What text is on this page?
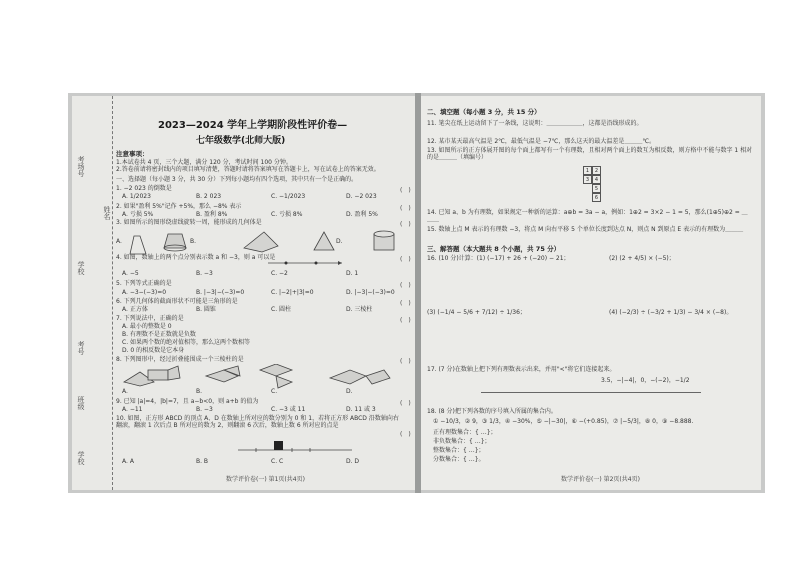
考场号
姓名
学校
考号
班级
学校
2023—2024 学年上学期阶段性评价卷—
七年级数学(北师大版)
注意事项：
1.本试卷共 4 页，三个大题，满分 120 分，考试时间 100 分钟。
2.答卷前请将密封线内的项目填写清楚，答题时请将答案填写在答题卡上，写在试卷上的答案无效。
一、选择题（每小题 3 分，共 30 分）下列每小题均有四个选项，其中只有一个是正确的。
1. −2 023 的倒数是	(　)
A. 1/2023	B. 2 023	C. −1/2023	D. −2 023
2. 如果"盈利 5%"记作 +5%，那么 −8% 表示	(　)
A. 亏损 5%	B. 盈利 8%	C. 亏损 8%	D. 盈利 5%
3. 如图所示的图形绕虚线旋转一周，能形成的几何体是	(　)
A.	B.	D.
4. 如图，数轴上的两个点分别表示数 a 和 −3，则 a 可以是	(　)
A. −5	B. −3	C. −2	D. 1
5. 下列等式正确的是	(　)
A. −3−(−3)=0	B. |−3|−(−3)=0	C. |−2|+|3|=0	D. |−3|−(−3)=0
6. 下列几何体的截面形状不可能是三角形的是	(　)
A. 正方体	B. 圆锥	C. 圆柱	D. 三棱柱
7. 下列说法中，正确的是	(　)
A. 最小的整数是 0
B. 有理数不是正数就是负数
C. 如果两个数的绝对值相等，那么这两个数相等
D. 0 的相反数是它本身
8. 下列图形中，经过折叠能围成一个三棱柱的是	(　)
A.	B.	C.	D.
9. 已知 |a|=4，|b|=7，且 a−b<0，则 a+b 的值为	(　)
A. −11	B. −3	C. −3 或 11	D. 11 或 3
10. 如图，正方形 ABCD 的顶点 A、D 在数轴上所对应的数分别为 0 和 1，若将正方形 ABCD 沿数轴向右翻滚，翻滚 1 次后点 B 所对应的数为 2，则翻滚 6 次后，数轴上数 6 所对应的点是
(　)
A. A	B. B	C. C	D. D
数学评价卷(一) 第1页(共4页)
二、填空题（每小题 3 分，共 15 分）
11. 笔尖在纸上运动留下了一条线，这说明：＿＿＿＿＿＿，这都是沿线形成的。
12. 某市某天最高气温是 2℃，最低气温是 −7℃，那么这天的最大温差是＿＿＿℃。
13. 如图所示的正方体展开图的每个面上都写有一个有理数，且相对两个面上的数互为相反数，则方格中不能与数字 1 相对的是＿＿＿（填编号）
1	2
3	4
5
6
14. 已知 a、b 为有理数，如果规定一种新的运算：a⊕b = 3a − a，例如：1⊕2 = 3×2 − 1 = 5，那么(1⊕5)⊕2 = ＿＿＿
15. 数轴上点 M 表示的有理数 −3，将点 M 向右平移 5 个单位长度到达点 N，则点 N 到原点 E 表示的有理数为＿＿＿
三、解答题（本大题共 8 个小题，共 75 分）
16. (10 分)计算：(1) (−17) + 26 + (−20) − 21；	(2) (2 + 4/5) × (−5)；
(3) (−1/4 − 5/6 + 7/12) ÷ 1/36；	(4) (−2/3) ÷ (−3/2 + 1/3) − 3/4 × (−8)。
17. (7 分)在数轴上把下列有理数表示出来，并用"<"将它们连接起来。
3.5，−|−4|，0，−(−2)，−1/2
18. (8 分)把下列各数的序号填入所属的集合内。
① −10/3，② 9，③ 1/3，④ −30%，⑤ −|−30|，⑥ −(+0.85)，⑦ |−5/3|，⑧ 0，⑨ −8.888.
正有理数集合：{ …}；
非负数集合：{ …}；
整数集合：{ …}；
分数集合：{ …}。
数学评价卷(一) 第2页(共4页)
